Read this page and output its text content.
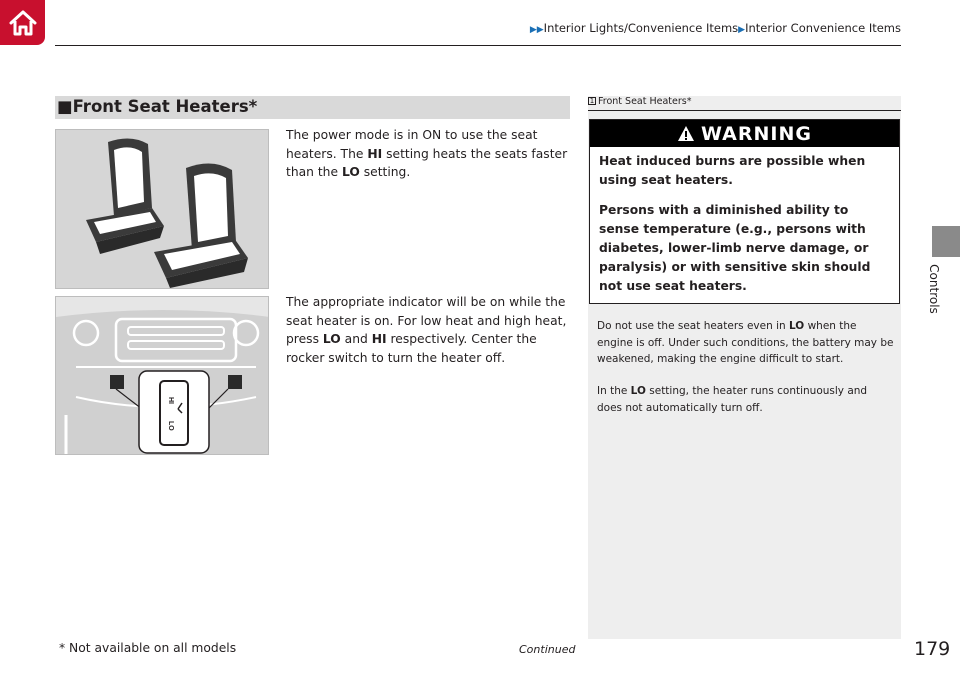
▶▶Interior Lights/Convenience Items▶Interior Convenience Items
Controls
■Front Seat Heaters*
HI
LO
The power mode is in ON to use the seat heaters. The HI setting heats the seats faster than the LO setting.
The appropriate indicator will be on while the seat heater is on. For low heat and high heat, press LO and HI respectively. Center the rocker switch to turn the heater off.
1 Front Seat Heaters*
WARNING

Heat induced burns are possible when using seat heaters.

Persons with a diminished ability to sense temperature (e.g., persons with diabetes, lower-limb nerve damage, or paralysis) or with sensitive skin should not use seat heaters.

Do not use the seat heaters even in LO when the engine is off. Under such conditions, the battery may be weakened, making the engine difficult to start.
In the LO setting, the heater runs continuously and does not automatically turn off.
* Not available on all models	Continued	179
